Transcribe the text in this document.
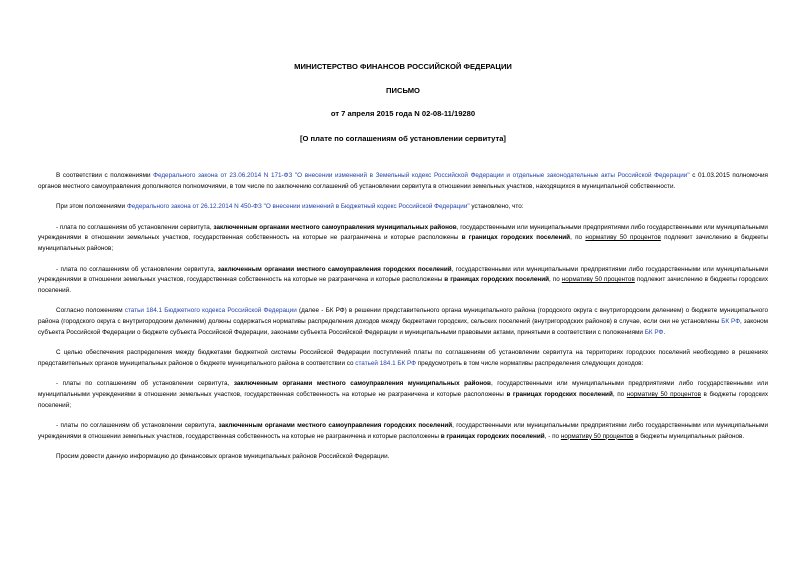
МИНИСТЕРСТВО ФИНАНСОВ РОССИЙСКОЙ ФЕДЕРАЦИИ
ПИСЬМО
от 7 апреля 2015 года N 02-08-11/19280
[О плате по соглашениям об установлении сервитута]

В соответствии с положениями Федерального закона от 23.06.2014 N 171-ФЗ "О внесении изменений в Земельный кодекс Российской Федерации и отдельные законодательные акты Российской Федерации" с 01.03.2015 полномочия органов местного самоуправления дополняются полномочиями, в том числе по заключению соглашений об установлении сервитута в отношении земельных участков, находящихся в муниципальной собственности.

При этом положениями Федерального закона от 26.12.2014 N 450-ФЗ "О внесении изменений в Бюджетный кодекс Российской Федерации" установлено, что:

- плата по соглашениям об установлении сервитута, заключенным органами местного самоуправления муниципальных районов, государственными или муниципальными предприятиями либо государственными или муниципальными учреждениями в отношении земельных участков, государственная собственность на которые не разграничена и которые расположены в границах городских поселений, по нормативу 50 процентов подлежит зачислению в бюджеты муниципальных районов;

- плата по соглашениям об установлении сервитута, заключенным органами местного самоуправления городских поселений, государственными или муниципальными предприятиями либо государственными или муниципальными учреждениями в отношении земельных участков, государственная собственность на которые не разграничена и которые расположены в границах городских поселений, по нормативу 50 процентов подлежит зачислению в бюджеты городских поселений.

Согласно положениям статьи 184.1 Бюджетного кодекса Российской Федерации (далее - БК РФ) в решении представительного органа муниципального района (городского округа с внутригородским делением) о бюджете муниципального района (городского округа с внутригородским делением) должны содержаться нормативы распределения доходов между бюджетами городских, сельских поселений (внутригородских районов) в случае, если они не установлены БК РФ, законом субъекта Российской Федерации о бюджете субъекта Российской Федерации, законами субъекта Российской Федерации и муниципальными правовыми актами, принятыми в соответствии с положениями БК РФ.

С целью обеспечения распределения между бюджетами бюджетной системы Российской Федерации поступлений платы по соглашениям об установлении сервитута на территориях городских поселений необходимо в решениях представительных органов муниципальных районов о бюджете муниципального района в соответствии со статьей 184.1 БК РФ предусмотреть в том числе нормативы распределения следующих доходов:

- платы по соглашениям об установлении сервитута, заключенным органами местного самоуправления муниципальных районов, государственными или муниципальными предприятиями либо государственными или муниципальными учреждениями в отношении земельных участков, государственная собственность на которые не разграничена и которые расположены в границах городских поселений, по нормативу 50 процентов в бюджеты городских поселений;

- платы по соглашениям об установлении сервитута, заключенным органами местного самоуправления городских поселений, государственными или муниципальными предприятиями либо государственными или муниципальными учреждениями в отношении земельных участков, государственная собственность на которые не разграничена и которые расположены в границах городских поселений, - по нормативу 50 процентов в бюджеты муниципальных районов.

Просим довести данную информацию до финансовых органов муниципальных районов Российской Федерации.
